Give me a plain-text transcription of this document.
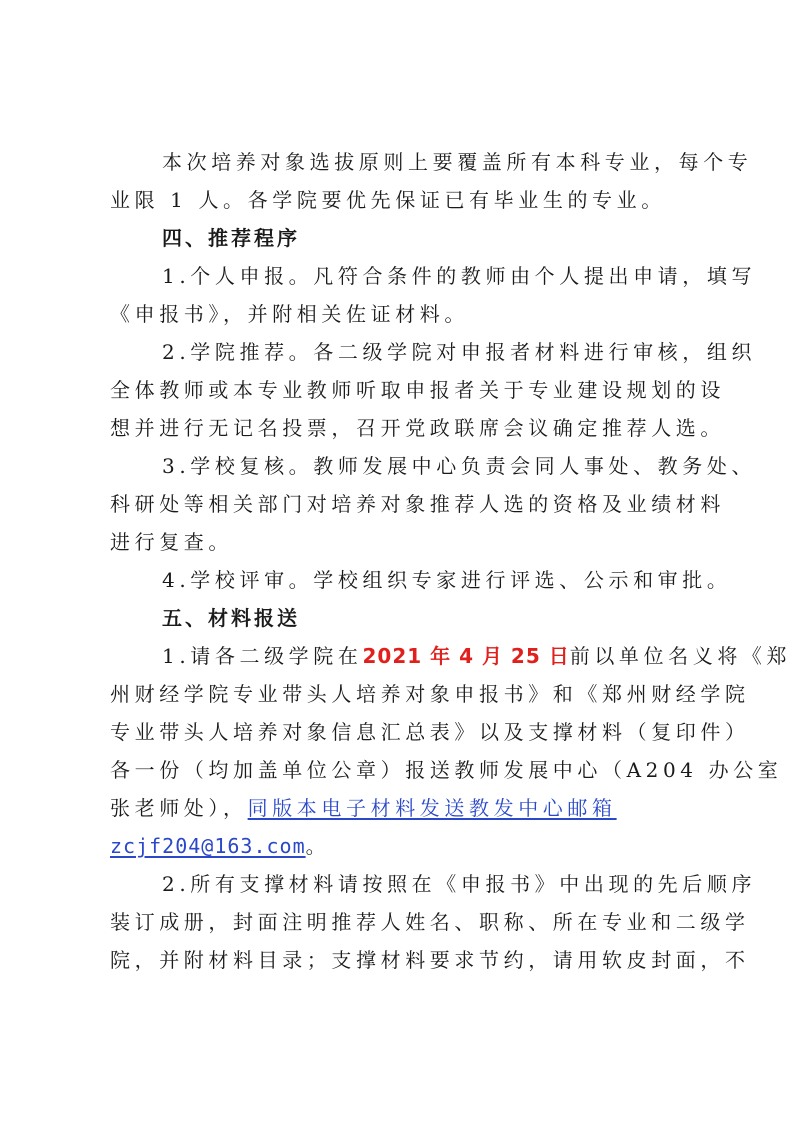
本次培养对象选拔原则上要覆盖所有本科专业，每个专
业限 1 人。各学院要优先保证已有毕业生的专业。
四、推荐程序
1.个人申报。凡符合条件的教师由个人提出申请，填写
《申报书》，并附相关佐证材料。
2.学院推荐。各二级学院对申报者材料进行审核，组织
全体教师或本专业教师听取申报者关于专业建设规划的设
想并进行无记名投票，召开党政联席会议确定推荐人选。
3.学校复核。教师发展中心负责会同人事处、教务处、
科研处等相关部门对培养对象推荐人选的资格及业绩材料
进行复查。
4.学校评审。学校组织专家进行评选、公示和审批。
五、材料报送
1.请各二级学院在2021 年 4 月 25 日前以单位名义将《郑
州财经学院专业带头人培养对象申报书》和《郑州财经学院
专业带头人培养对象信息汇总表》以及支撑材料（复印件）
各一份（均加盖单位公章）报送教师发展中心（A204 办公室
张老师处），同版本电子材料发送教发中心邮箱
zcjf204@163.com。
2.所有支撑材料请按照在《申报书》中出现的先后顺序
装订成册，封面注明推荐人姓名、职称、所在专业和二级学
院，并附材料目录；支撑材料要求节约，请用软皮封面，不
